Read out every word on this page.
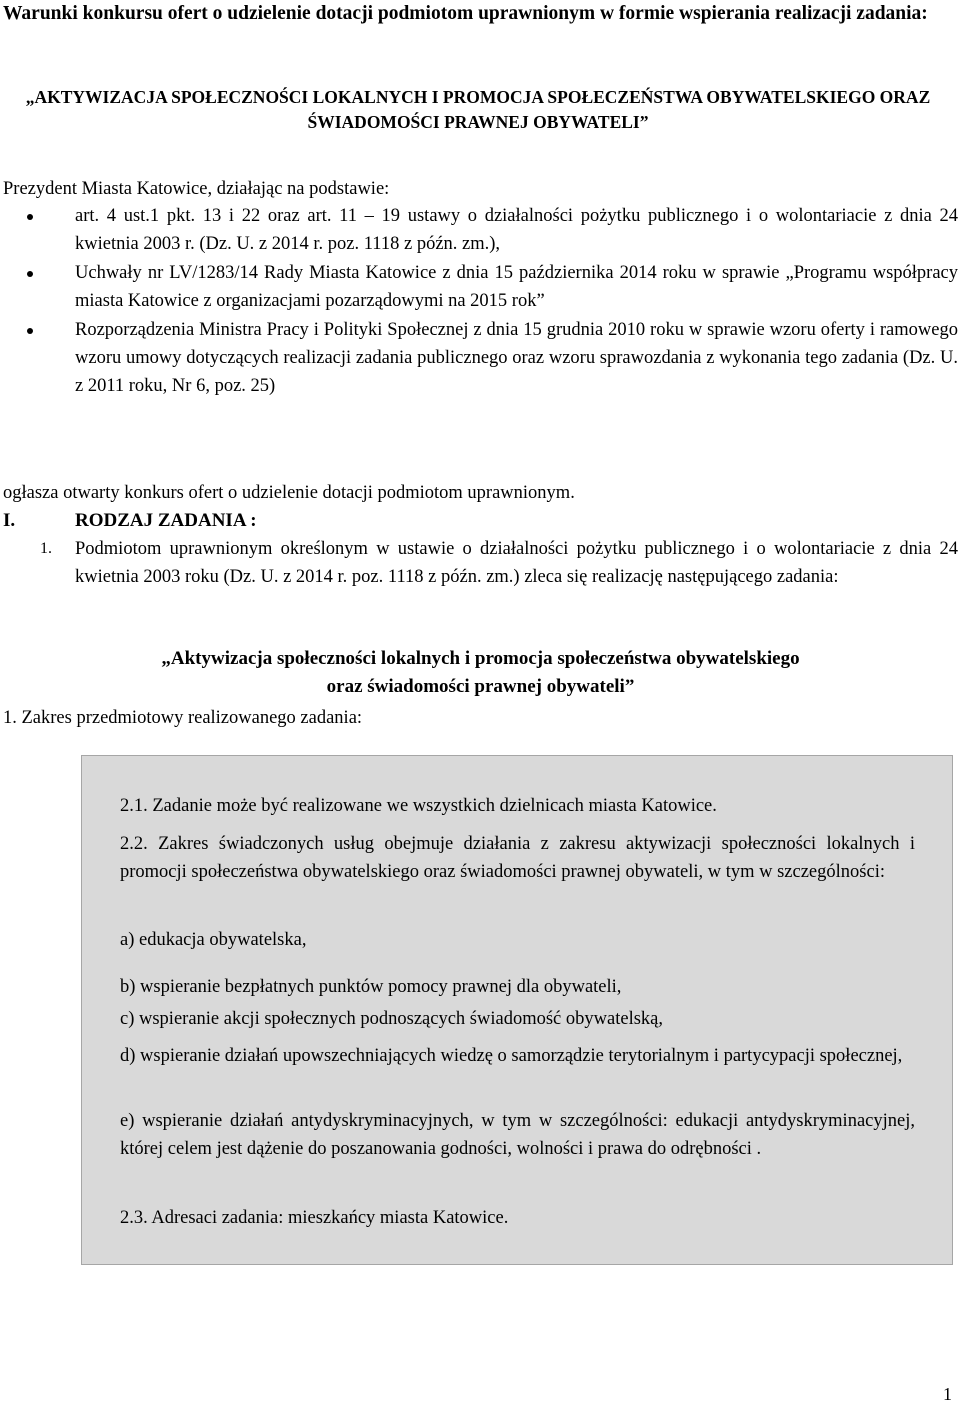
Warunki konkursu ofert o udzielenie dotacji podmiotom uprawnionym w formie wspierania realizacji zadania:
„AKTYWIZACJA SPOŁECZNOŚCI LOKALNYCH I PROMOCJA SPOŁECZEŃSTWA OBYWATELSKIEGO ORAZ ŚWIADOMOŚCI PRAWNEJ OBYWATELI”
Prezydent Miasta Katowice, działając na podstawie:
art. 4 ust.1 pkt. 13 i 22 oraz art. 11 – 19 ustawy o działalności pożytku publicznego i o wolontariacie z dnia 24 kwietnia 2003 r. (Dz. U. z 2014 r. poz. 1118 z późn. zm.),
Uchwały nr LV/1283/14 Rady Miasta Katowice z dnia 15 października 2014 roku w sprawie „Programu współpracy miasta Katowice z organizacjami pozarządowymi na 2015 rok”
Rozporządzenia Ministra Pracy i Polityki Społecznej z dnia 15 grudnia 2010 roku w sprawie wzoru oferty i ramowego wzoru umowy dotyczących realizacji zadania publicznego oraz wzoru sprawozdania z wykonania tego zadania (Dz. U. z 2011 roku, Nr 6, poz. 25)
ogłasza otwarty konkurs ofert o udzielenie dotacji podmiotom uprawnionym.
I.	RODZAJ ZADANIA :
1. Podmiotom uprawnionym określonym w ustawie o działalności pożytku publicznego i o wolontariacie z dnia 24 kwietnia 2003 roku (Dz. U. z 2014 r. poz. 1118 z późn. zm.) zleca się realizację następującego zadania:
„Aktywizacja społeczności lokalnych i promocja społeczeństwa obywatelskiego
oraz świadomości prawnej obywateli”
1. Zakres przedmiotowy realizowanego zadania:

2.1. Zadanie może być realizowane we wszystkich dzielnicach miasta Katowice.

2.2. Zakres świadczonych usług obejmuje działania z zakresu aktywizacji społeczności lokalnych i promocji społeczeństwa obywatelskiego oraz świadomości prawnej obywateli, w tym w szczególności:

a) edukacja obywatelska,

b) wspieranie bezpłatnych punktów pomocy prawnej dla obywateli,

c) wspieranie akcji społecznych podnoszących świadomość obywatelską,

d) wspieranie działań upowszechniających wiedzę o samorządzie terytorialnym i partycypacji społecznej,

e) wspieranie działań antydyskryminacyjnych, w tym w szczególności: edukacji antydyskryminacyjnej, której celem jest dążenie do poszanowania godności, wolności i prawa do odrębności .

2.3. Adresaci zadania: mieszkańcy miasta Katowice.

1
